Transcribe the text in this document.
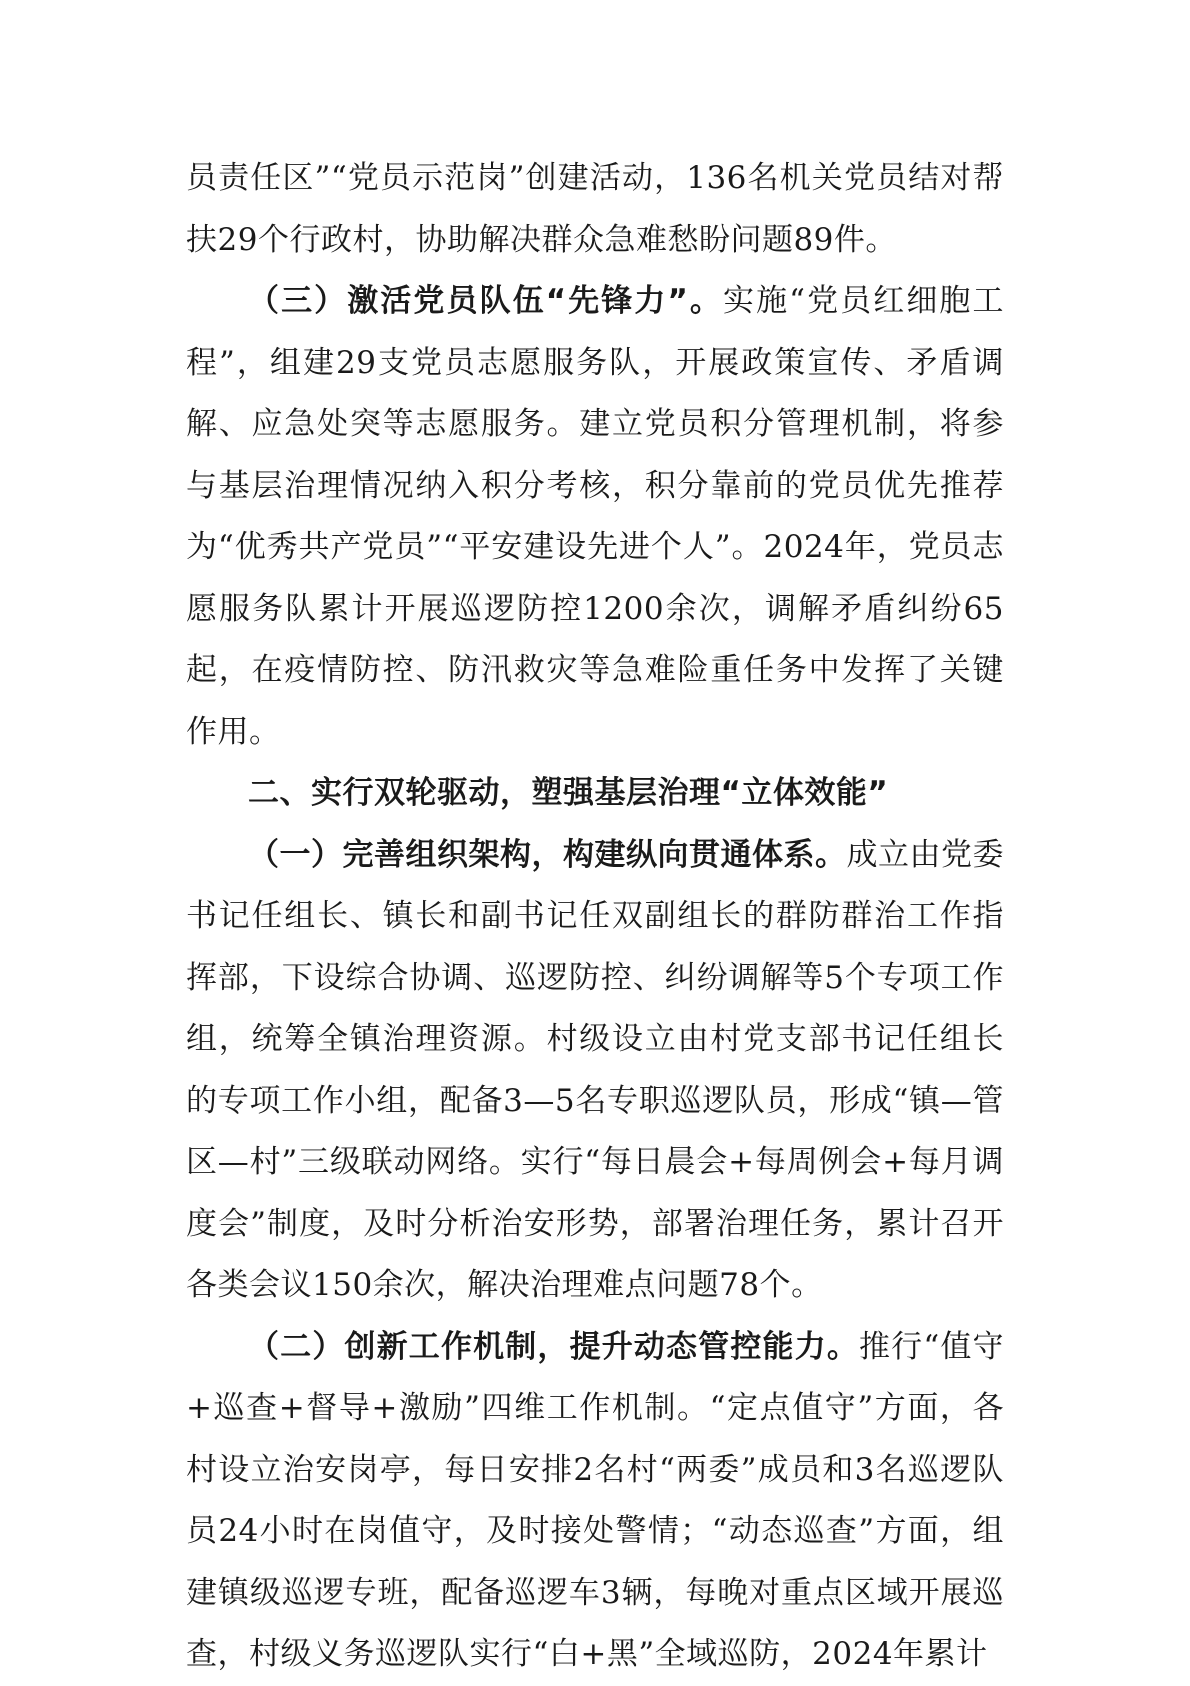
员责任区”“党员示范岗”创建活动，136名机关党员结对帮扶29个行政村，协助解决群众急难愁盼问题89件。

（三）激活党员队伍“先锋力”。实施“党员红细胞工程”，组建29支党员志愿服务队，开展政策宣传、矛盾调解、应急处突等志愿服务。建立党员积分管理机制，将参与基层治理情况纳入积分考核，积分靠前的党员优先推荐为“优秀共产党员”“平安建设先进个人”。2024年，党员志愿服务队累计开展巡逻防控1200余次，调解矛盾纠纷65起，在疫情防控、防汛救灾等急难险重任务中发挥了关键作用。

二、实行双轮驱动，塑强基层治理“立体效能”

（一）完善组织架构，构建纵向贯通体系。成立由党委书记任组长、镇长和副书记任双副组长的群防群治工作指挥部，下设综合协调、巡逻防控、纠纷调解等5个专项工作组，统筹全镇治理资源。村级设立由村党支部书记任组长的专项工作小组，配备3—5名专职巡逻队员，形成“镇—管区—村”三级联动网络。实行“每日晨会+每周例会+每月调度会”制度，及时分析治安形势，部署治理任务，累计召开各类会议150余次，解决治理难点问题78个。

（二）创新工作机制，提升动态管控能力。推行“值守+巡查+督导+激励”四维工作机制。“定点值守”方面，各村设立治安岗亭，每日安排2名村“两委”成员和3名巡逻队员24小时在岗值守，及时接处警情；“动态巡查”方面，组建镇级巡逻专班，配备巡逻车3辆，每晚对重点区域开展巡查，村级义务巡逻队实行“白+黑”全域巡防，2024年累计
